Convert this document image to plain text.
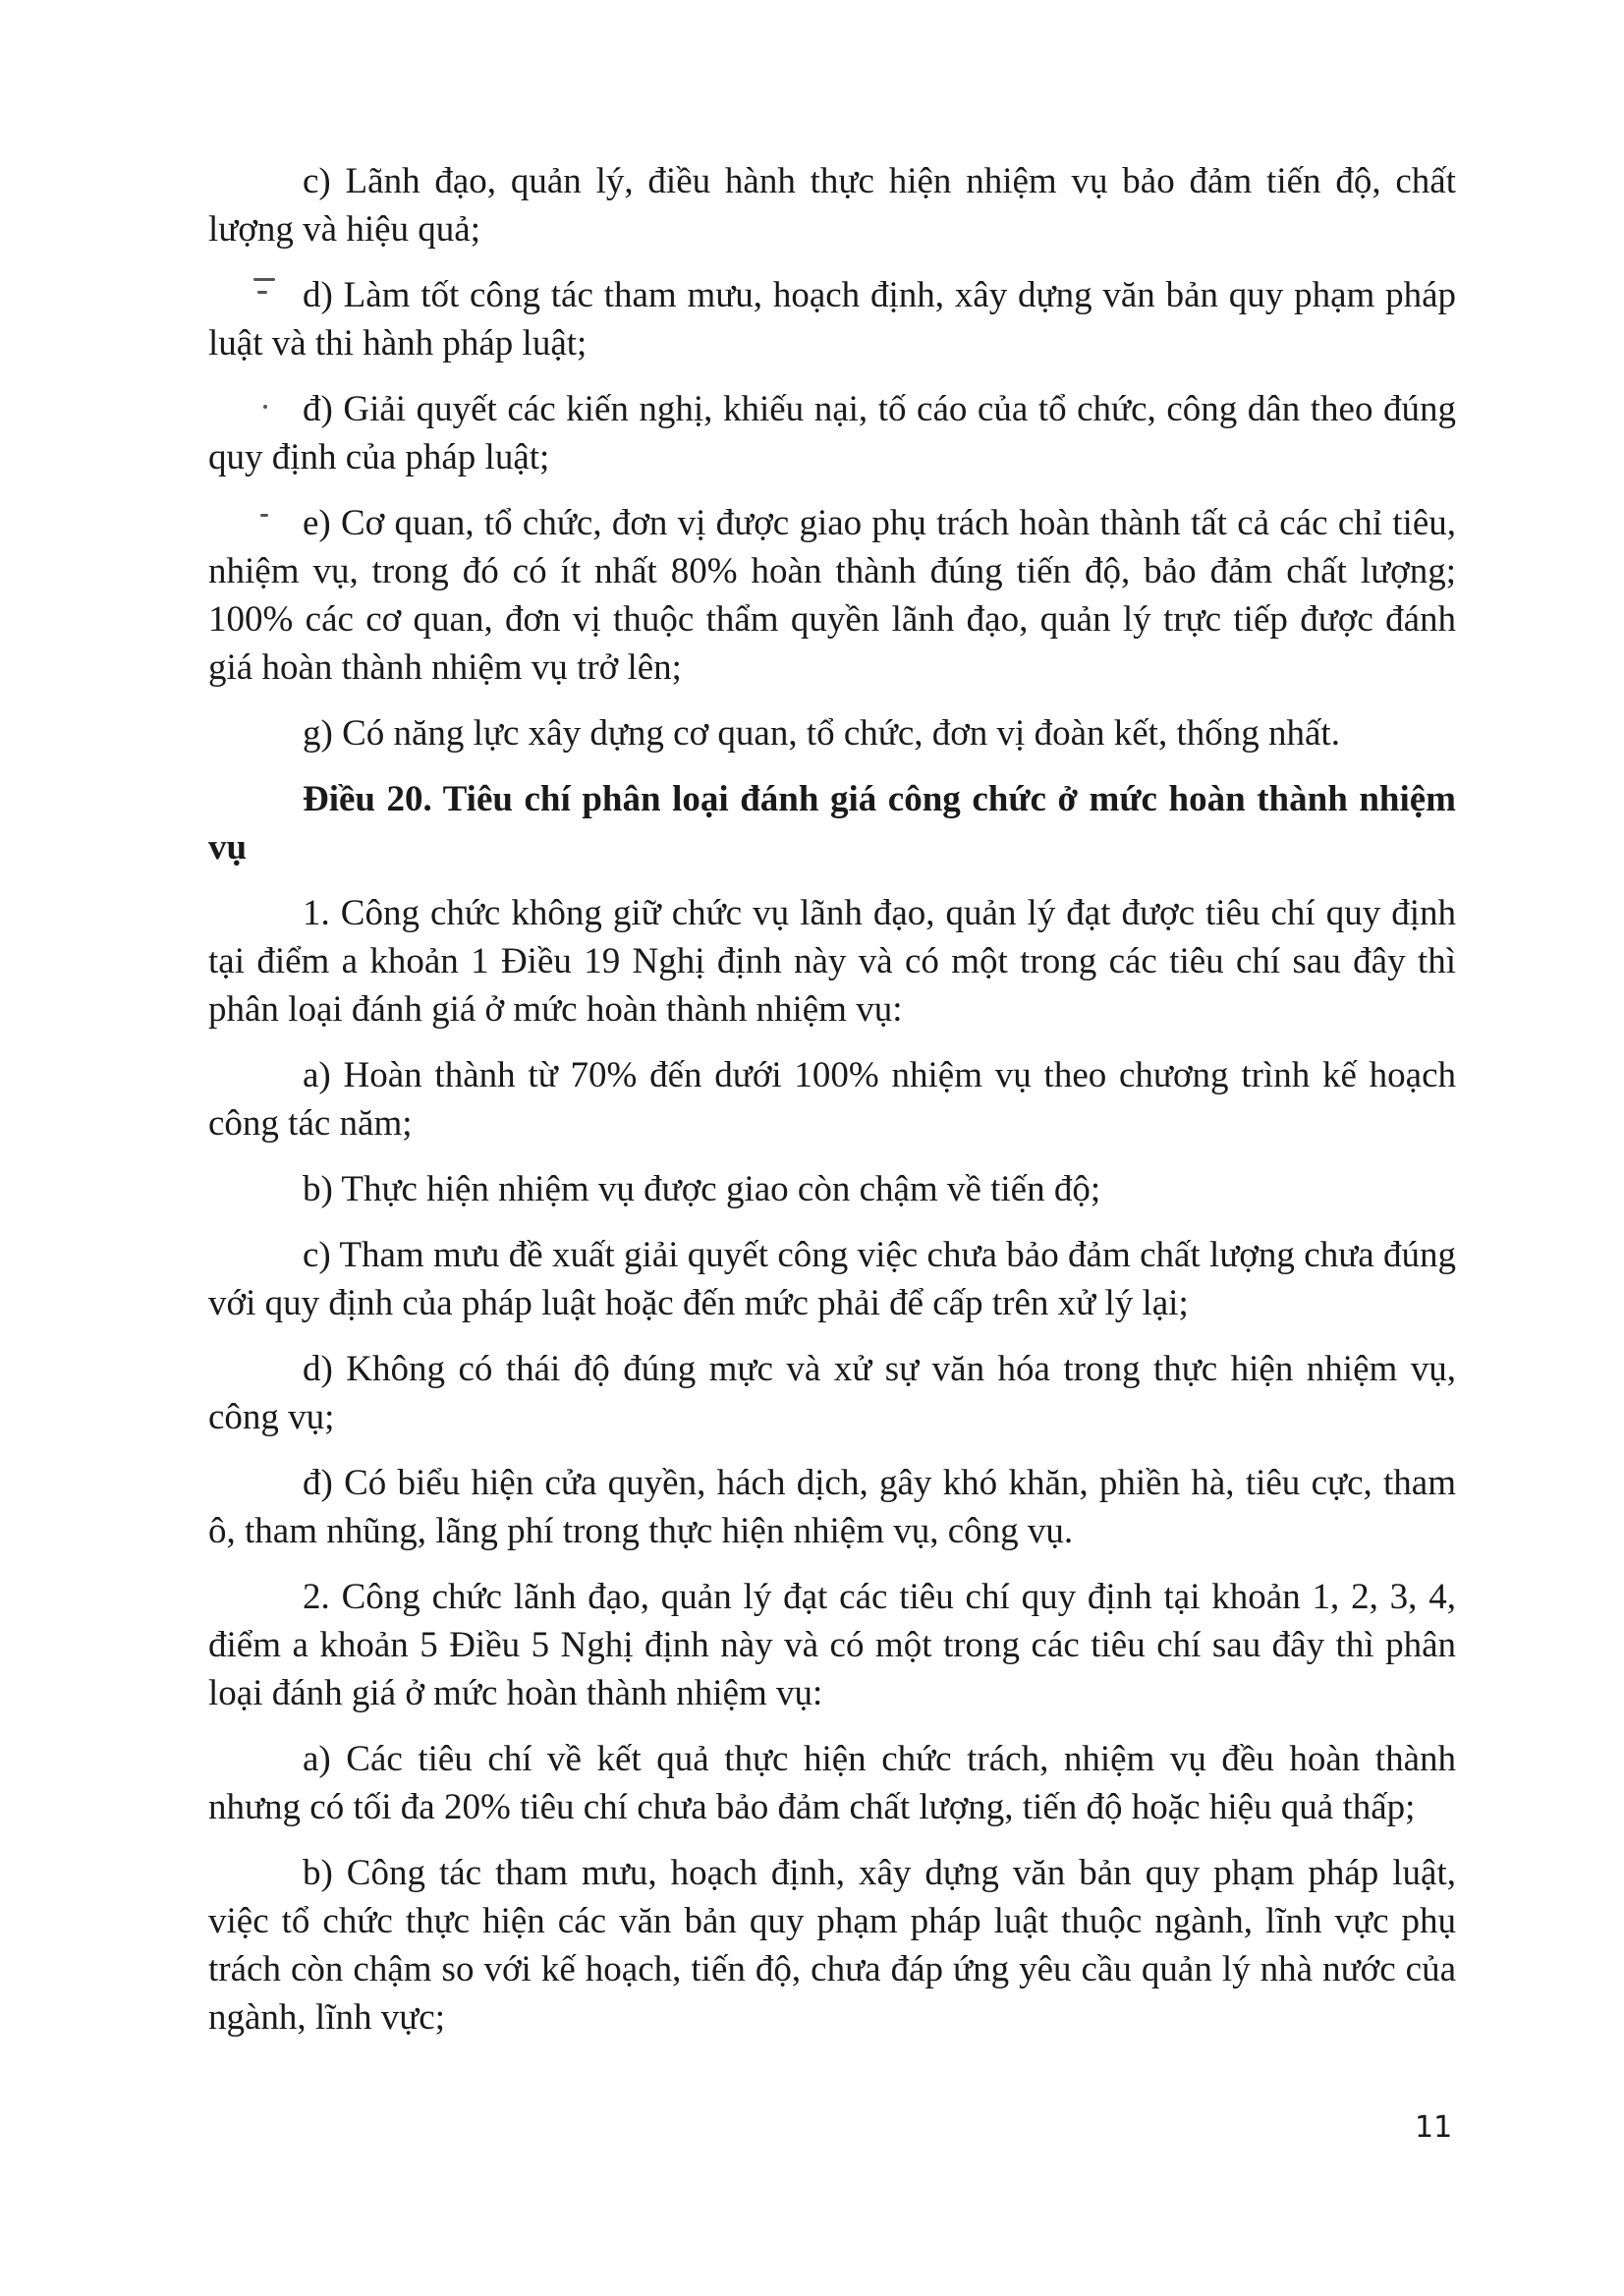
c) Lãnh đạo, quản lý, điều hành thực hiện nhiệm vụ bảo đảm tiến độ, chất lượng và hiệu quả;

d) Làm tốt công tác tham mưu, hoạch định, xây dựng văn bản quy phạm pháp luật và thi hành pháp luật;

đ) Giải quyết các kiến nghị, khiếu nại, tố cáo của tổ chức, công dân theo đúng quy định của pháp luật;

e) Cơ quan, tổ chức, đơn vị được giao phụ trách hoàn thành tất cả các chỉ tiêu, nhiệm vụ, trong đó có ít nhất 80% hoàn thành đúng tiến độ, bảo đảm chất lượng; 100% các cơ quan, đơn vị thuộc thẩm quyền lãnh đạo, quản lý trực tiếp được đánh giá hoàn thành nhiệm vụ trở lên;

g) Có năng lực xây dựng cơ quan, tổ chức, đơn vị đoàn kết, thống nhất.

Điều 20. Tiêu chí phân loại đánh giá công chức ở mức hoàn thành nhiệm vụ

1. Công chức không giữ chức vụ lãnh đạo, quản lý đạt được tiêu chí quy định tại điểm a khoản 1 Điều 19 Nghị định này và có một trong các tiêu chí sau đây thì phân loại đánh giá ở mức hoàn thành nhiệm vụ:

a) Hoàn thành từ 70% đến dưới 100% nhiệm vụ theo chương trình kế hoạch công tác năm;

b) Thực hiện nhiệm vụ được giao còn chậm về tiến độ;

c) Tham mưu đề xuất giải quyết công việc chưa bảo đảm chất lượng chưa đúng với quy định của pháp luật hoặc đến mức phải để cấp trên xử lý lại;

d) Không có thái độ đúng mực và xử sự văn hóa trong thực hiện nhiệm vụ, công vụ;

đ) Có biểu hiện cửa quyền, hách dịch, gây khó khăn, phiền hà, tiêu cực, tham ô, tham nhũng, lãng phí trong thực hiện nhiệm vụ, công vụ.

2. Công chức lãnh đạo, quản lý đạt các tiêu chí quy định tại khoản 1, 2, 3, 4, điểm a khoản 5 Điều 5 Nghị định này và có một trong các tiêu chí sau đây thì phân loại đánh giá ở mức hoàn thành nhiệm vụ:

a) Các tiêu chí về kết quả thực hiện chức trách, nhiệm vụ đều hoàn thành nhưng có tối đa 20% tiêu chí chưa bảo đảm chất lượng, tiến độ hoặc hiệu quả thấp;

b) Công tác tham mưu, hoạch định, xây dựng văn bản quy phạm pháp luật, việc tổ chức thực hiện các văn bản quy phạm pháp luật thuộc ngành, lĩnh vực phụ trách còn chậm so với kế hoạch, tiến độ, chưa đáp ứng yêu cầu quản lý nhà nước của ngành, lĩnh vực;

11
